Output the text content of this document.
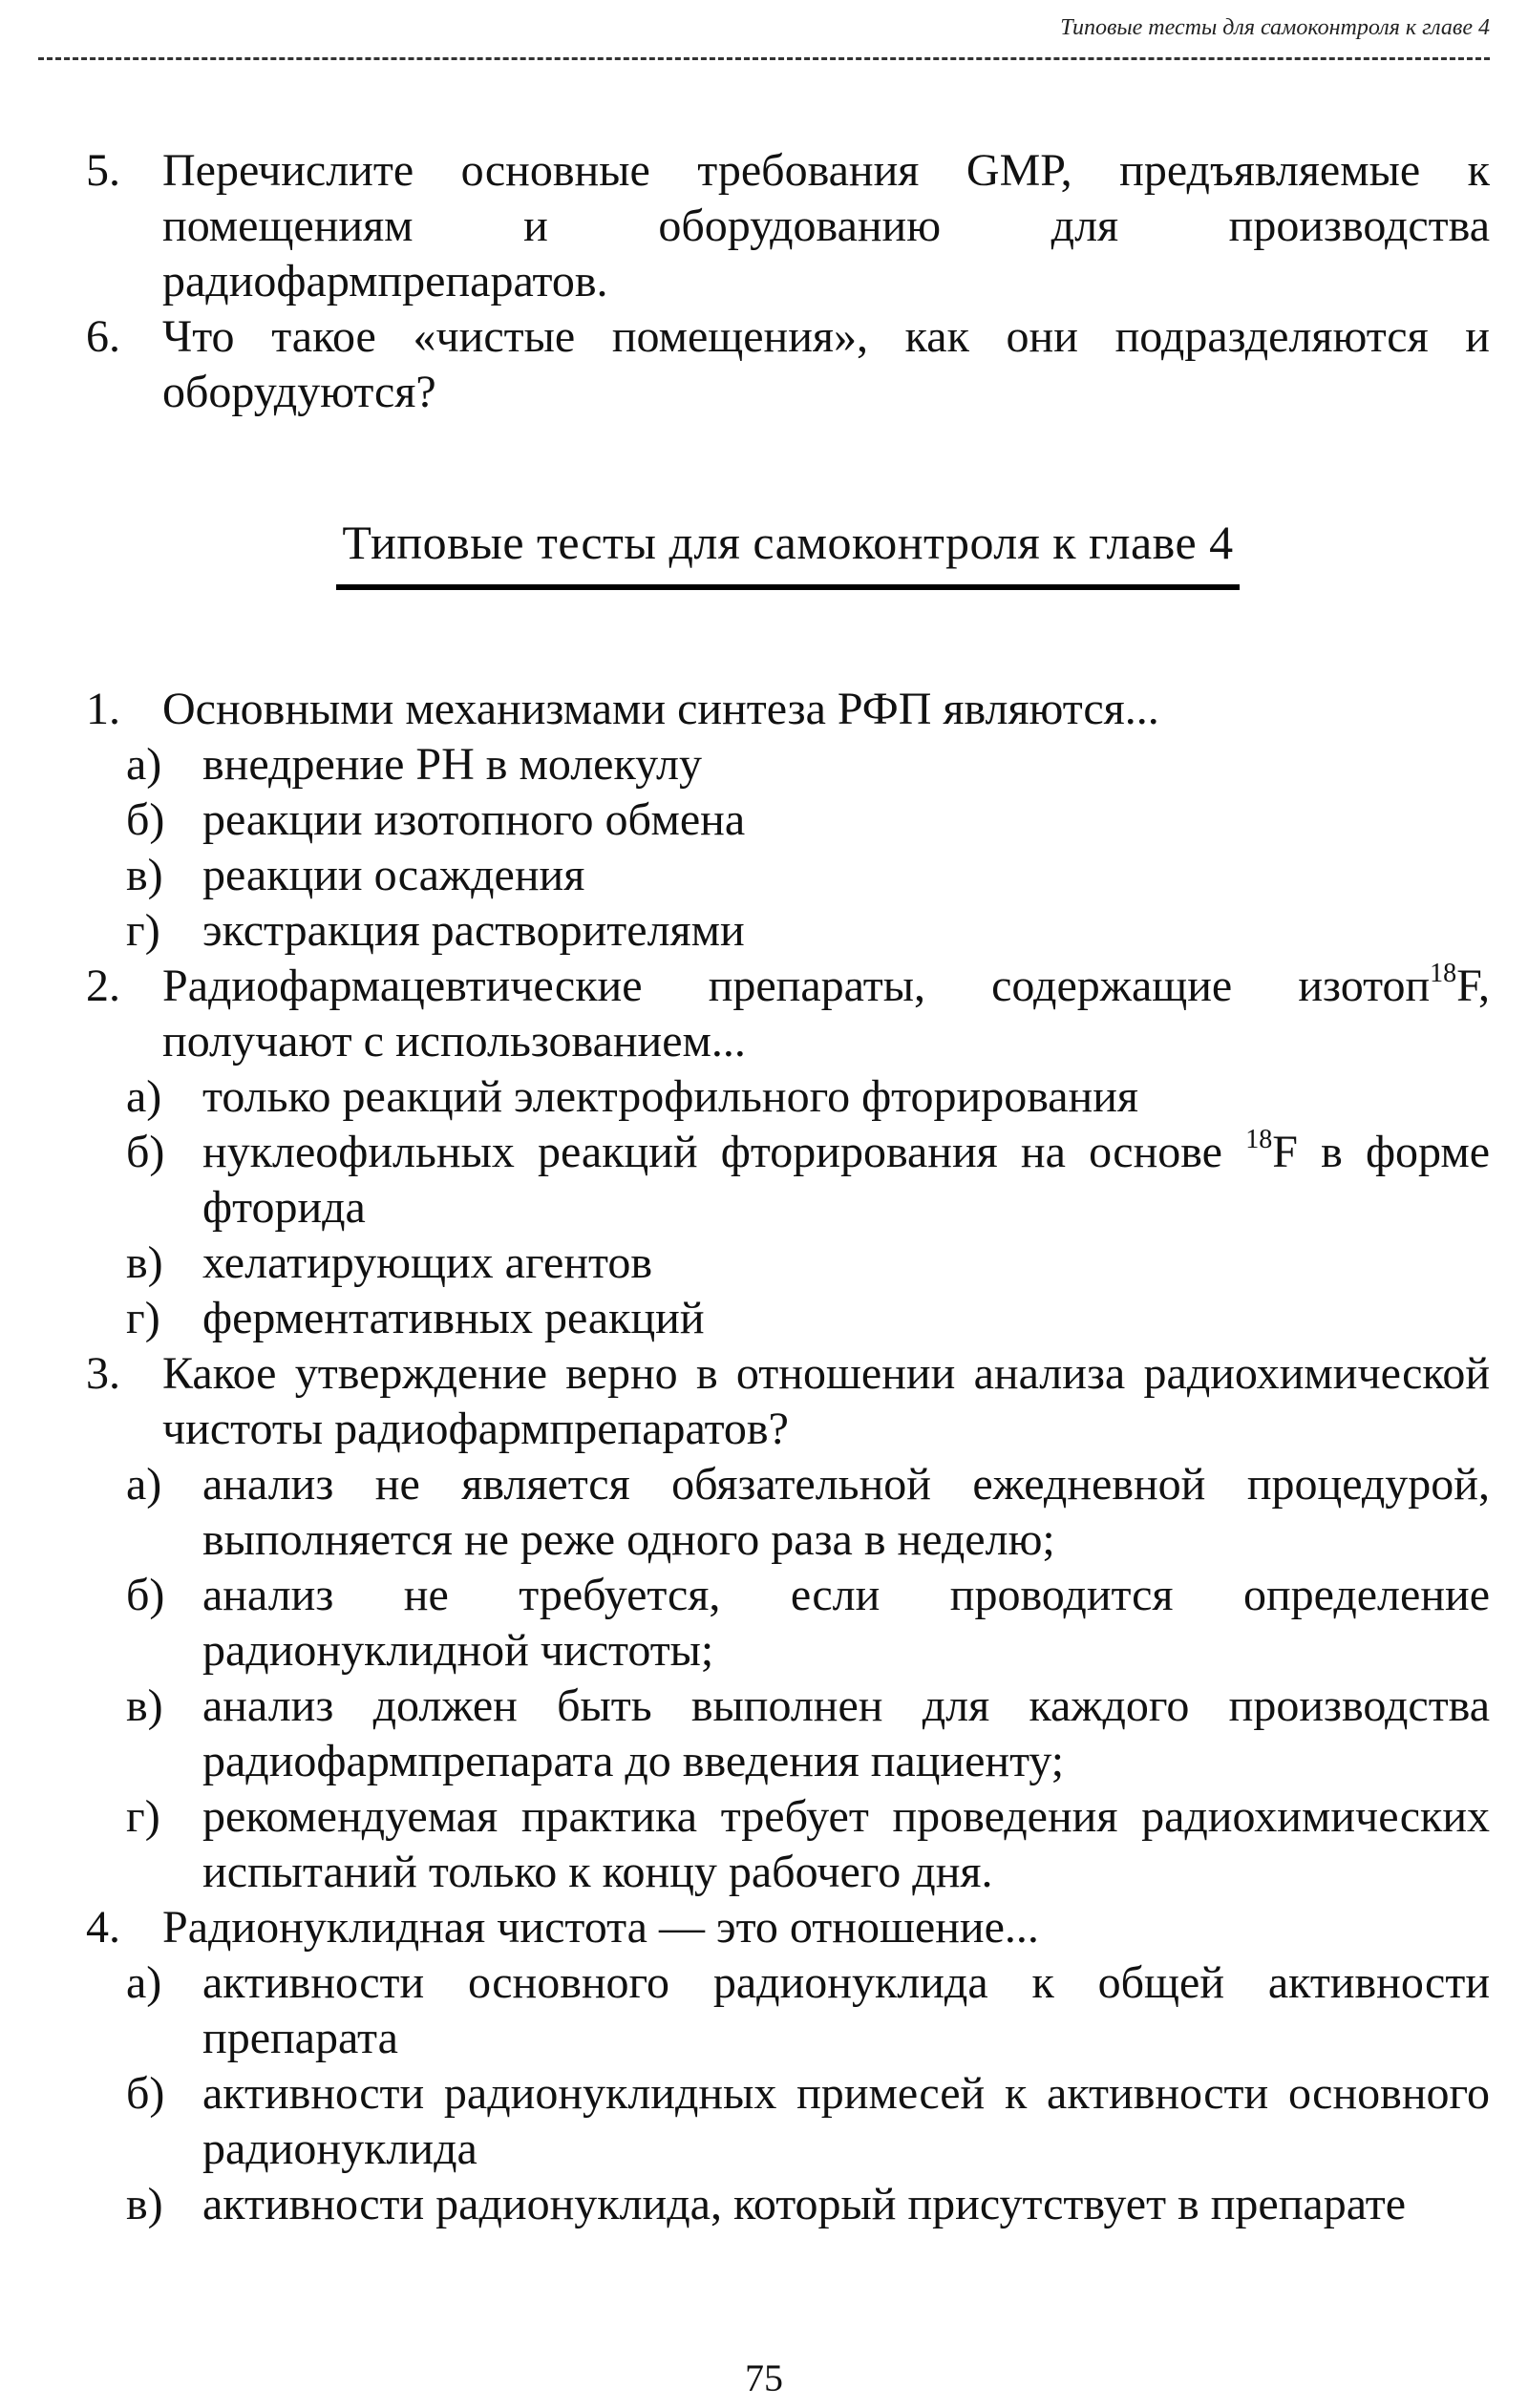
Типовые тесты для самоконтроля к главе 4
5. Перечислите основные требования GMP, предъявляемые к помещениям и оборудованию для производства радиофармпрепаратов.
6. Что такое «чистые помещения», как они подразделяются и оборудуются?
Типовые тесты для самоконтроля к главе 4
1. Основными механизмами синтеза РФП являются...
а) внедрение РН в молекулу
б) реакции изотопного обмена
в) реакции осаждения
г) экстракция растворителями
2. Радиофармацевтические препараты, содержащие изотоп$^{18}$F, получают с использованием...
а) только реакций электрофильного фторирования
б) нуклеофильных реакций фторирования на основе $^{18}$F в форме фторида
в) хелатирующих агентов
г) ферментативных реакций
3. Какое утверждение верно в отношении анализа радиохимической чистоты радиофармпрепаратов?
а) анализ не является обязательной ежедневной процедурой, выполняется не реже одного раза в неделю;
б) анализ не требуется, если проводится определение радионуклидной чистоты;
в) анализ должен быть выполнен для каждого производства радиофармпрепарата до введения пациенту;
г) рекомендуемая практика требует проведения радиохимических испытаний только к концу рабочего дня.
4. Радионуклидная чистота — это отношение...
а) активности основного радионуклида к общей активности препарата
б) активности радионуклидных примесей к активности основного радионуклида
в) активности радионуклида, который присутствует в препарате
75
